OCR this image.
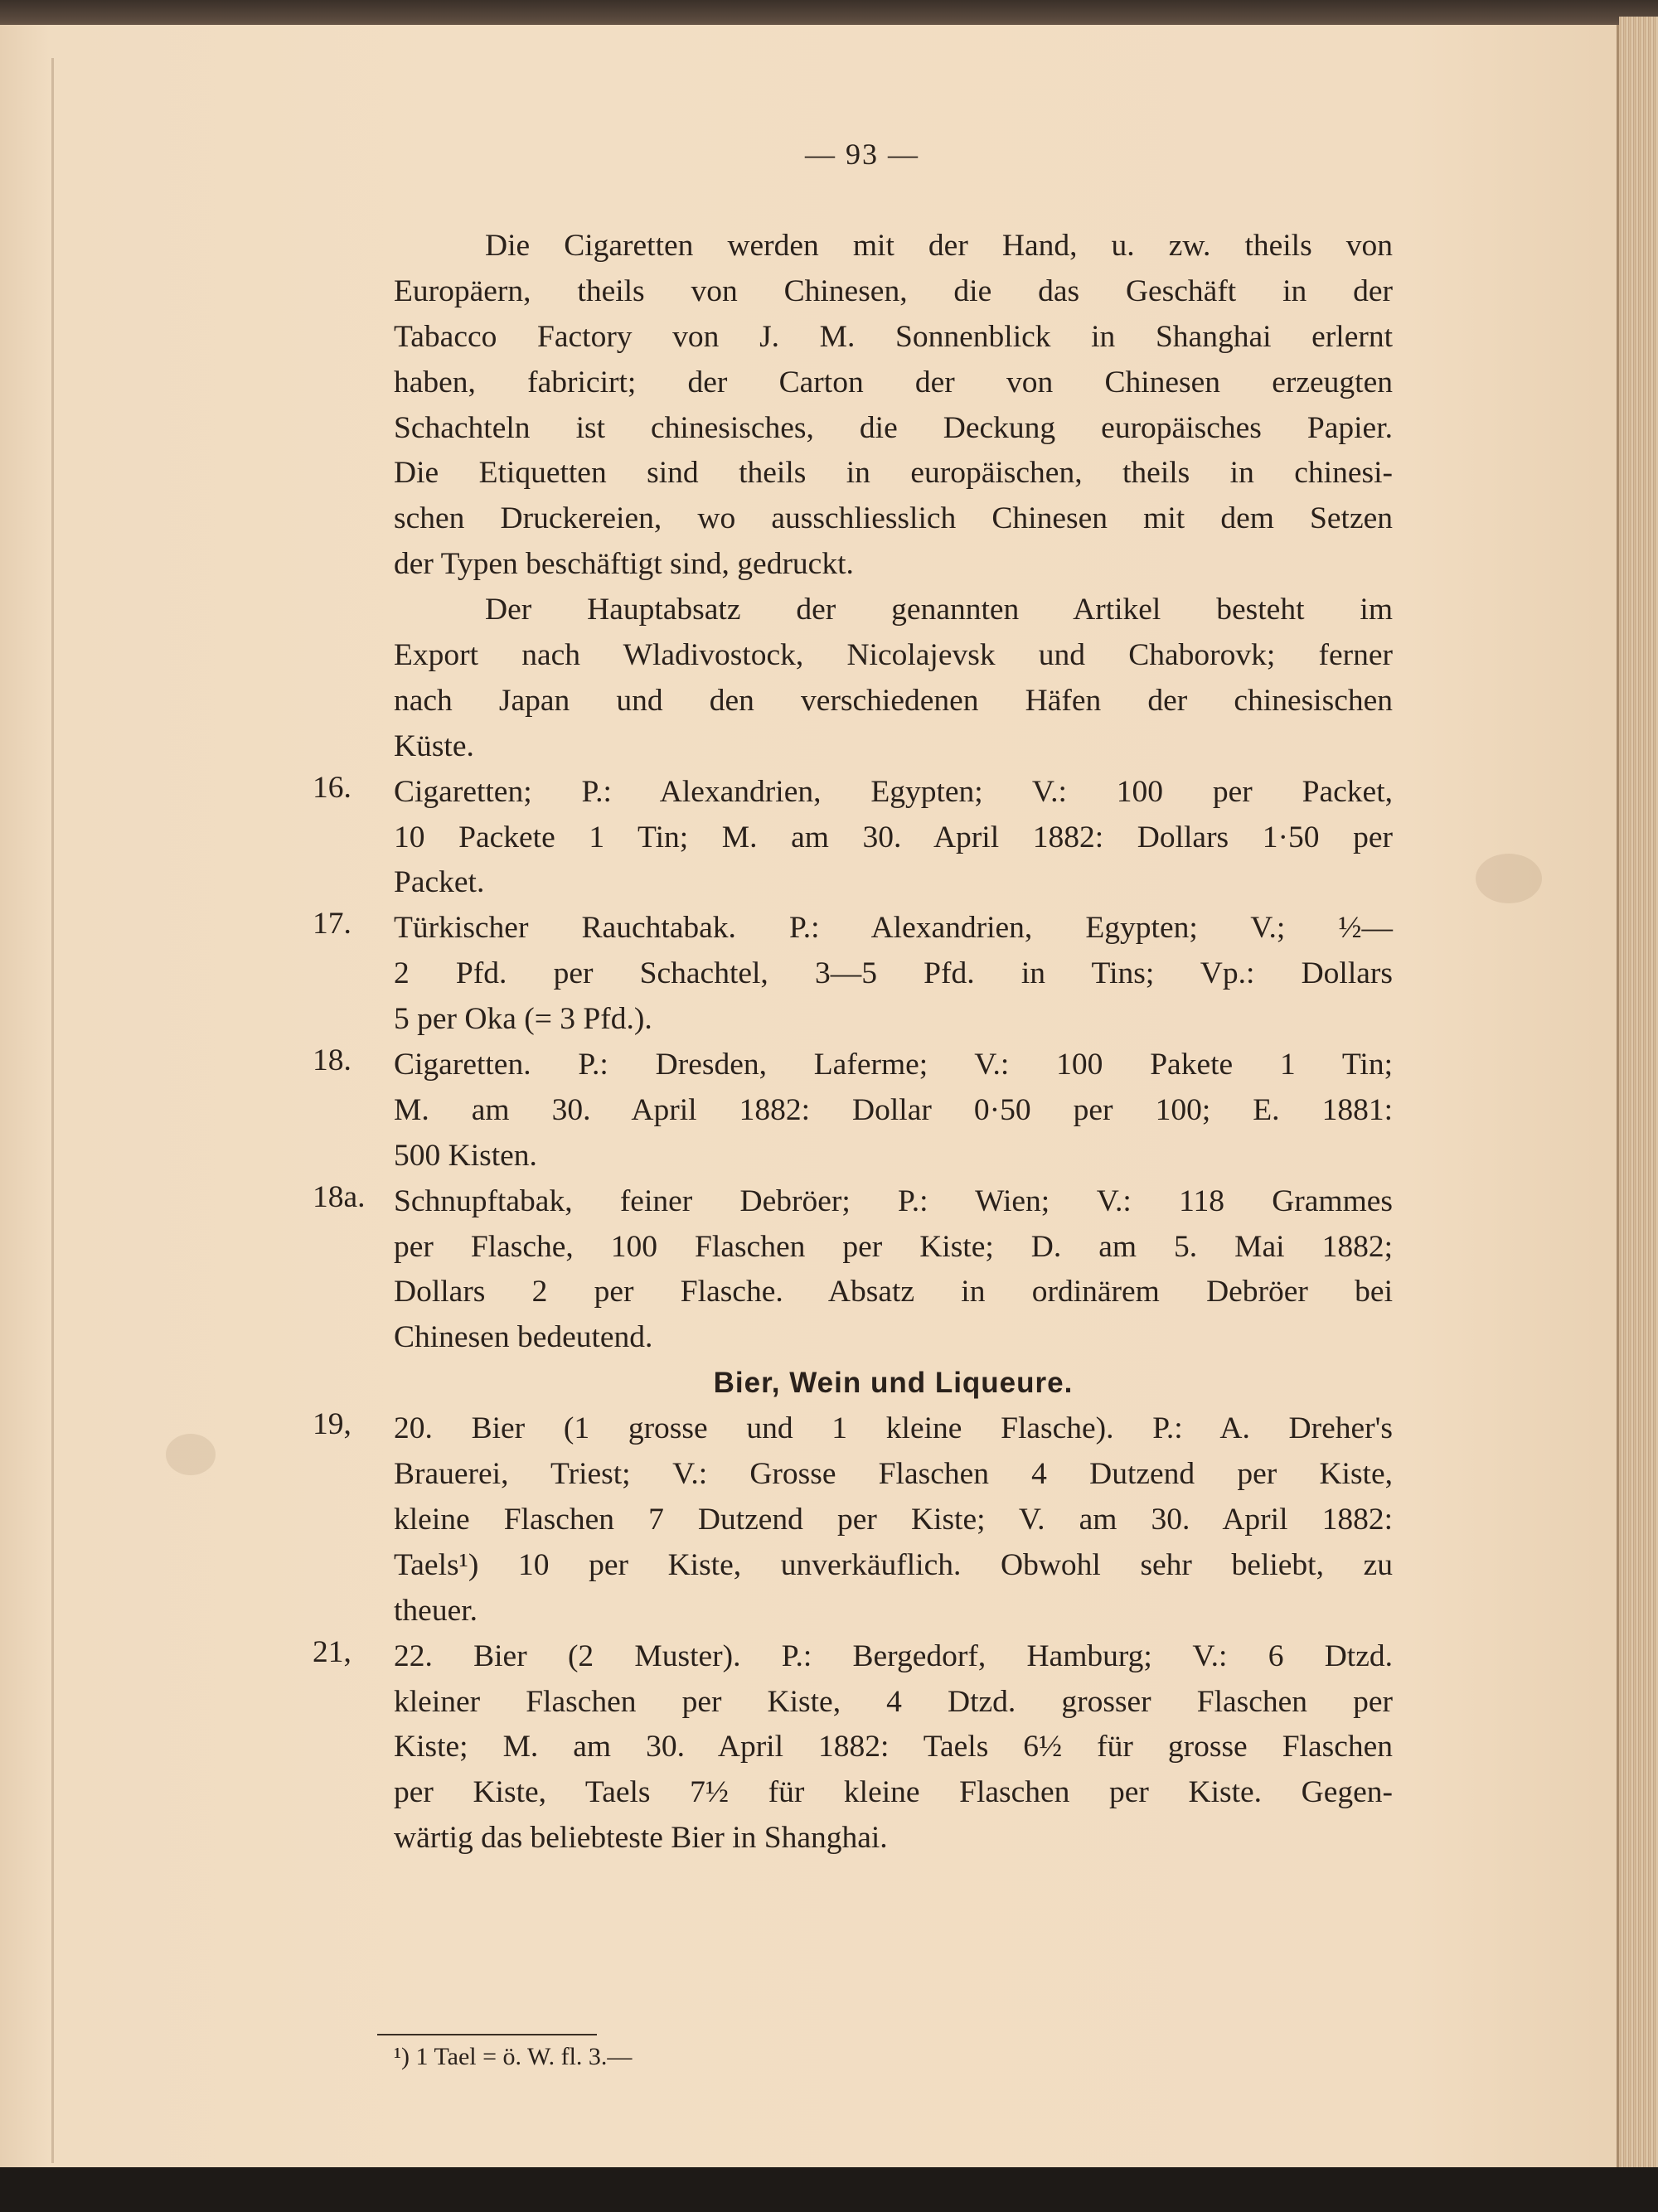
— 93 —
Die Cigaretten werden mit der Hand, u. zw. theils von
Europäern, theils von Chinesen, die das Geschäft in der
Tabacco Factory von J. M. Sonnenblick in Shanghai erlernt
haben, fabricirt; der Carton der von Chinesen erzeugten
Schachteln ist chinesisches, die Deckung europäisches Papier.
Die Etiquetten sind theils in europäischen, theils in chinesi-
schen Druckereien, wo ausschliesslich Chinesen mit dem Setzen
der Typen beschäftigt sind, gedruckt.
Der Hauptabsatz der genannten Artikel besteht im
Export nach Wladivostock, Nicolajevsk und Chaborovk; ferner
nach Japan und den verschiedenen Häfen der chinesischen
Küste.
16. Cigaretten; P.: Alexandrien, Egypten; V.: 100 per Packet,
10 Packete 1 Tin; M. am 30. April 1882: Dollars 1·50 per
Packet.
17. Türkischer Rauchtabak. P.: Alexandrien, Egypten; V.; ½—
2 Pfd. per Schachtel, 3—5 Pfd. in Tins; Vp.: Dollars
5 per Oka (= 3 Pfd.).
18. Cigaretten. P.: Dresden, Laferme; V.: 100 Pakete 1 Tin;
M. am 30. April 1882: Dollar 0·50 per 100; E. 1881:
500 Kisten.
18a. Schnupftabak, feiner Debröer; P.: Wien; V.: 118 Grammes
per Flasche, 100 Flaschen per Kiste; D. am 5. Mai 1882;
Dollars 2 per Flasche. Absatz in ordinärem Debröer bei
Chinesen bedeutend.
Bier, Wein und Liqueure.
19, 20. Bier (1 grosse und 1 kleine Flasche). P.: A. Dreher's
Brauerei, Triest; V.: Grosse Flaschen 4 Dutzend per Kiste,
kleine Flaschen 7 Dutzend per Kiste; V. am 30. April 1882:
Taels¹) 10 per Kiste, unverkäuflich. Obwohl sehr beliebt, zu
theuer.
21, 22. Bier (2 Muster). P.: Bergedorf, Hamburg; V.: 6 Dtzd.
kleiner Flaschen per Kiste, 4 Dtzd. grosser Flaschen per
Kiste; M. am 30. April 1882: Taels 6½ für grosse Flaschen
per Kiste, Taels 7½ für kleine Flaschen per Kiste. Gegen-
wärtig das beliebteste Bier in Shanghai.
¹) 1 Tael = ö. W. fl. 3.—
